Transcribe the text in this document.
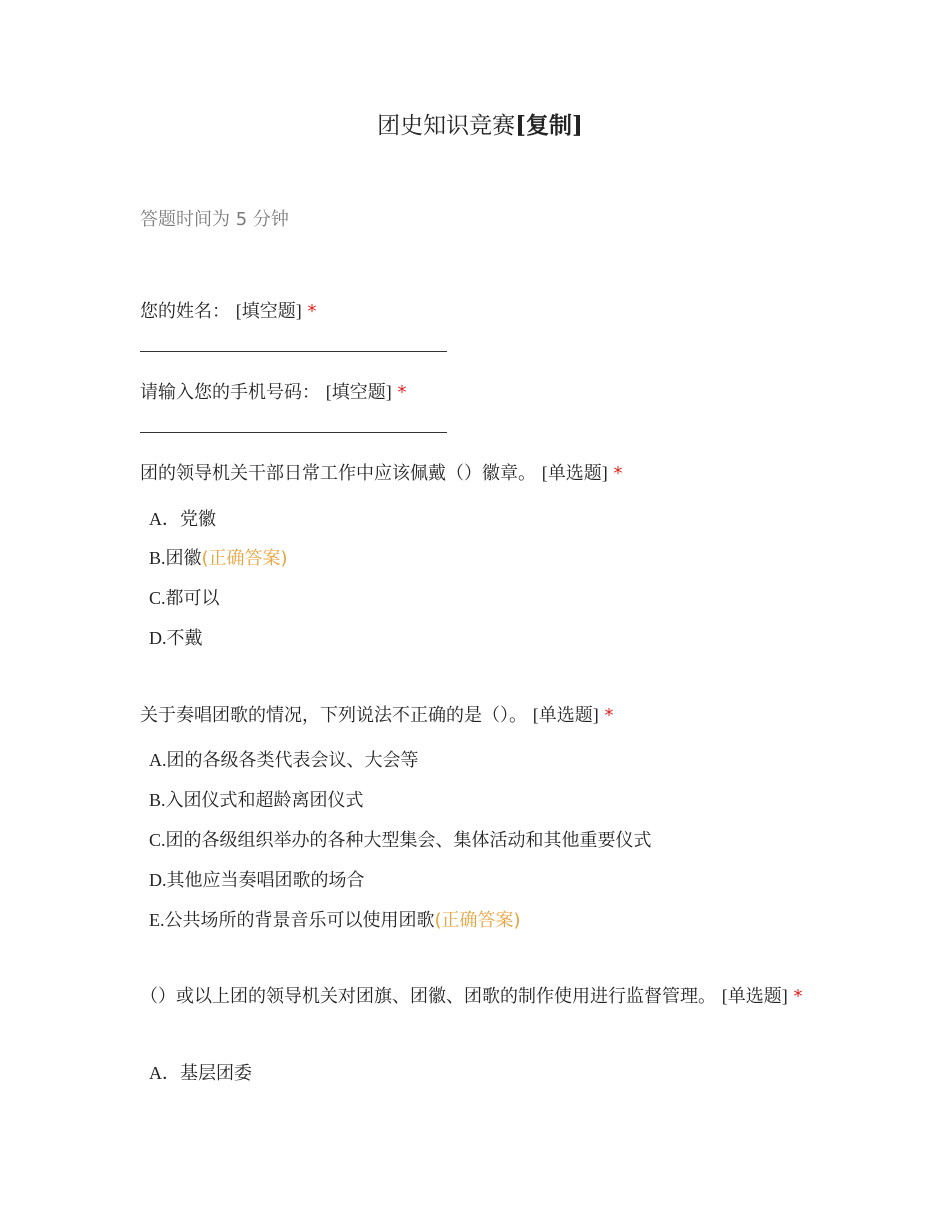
团史知识竞赛[复制]
答题时间为 5 分钟
您的姓名： [填空题] *
请输入您的手机号码： [填空题] *
团的领导机关干部日常工作中应该佩戴（）徽章。 [单选题] *
A．党徽
B.团徽(正确答案)
C.都可以
D.不戴
关于奏唱团歌的情况，下列说法不正确的是（）。 [单选题] *
A.团的各级各类代表会议、大会等
B.入团仪式和超龄离团仪式
C.团的各级组织举办的各种大型集会、集体活动和其他重要仪式
D.其他应当奏唱团歌的场合
E.公共场所的背景音乐可以使用团歌(正确答案)
（）或以上团的领导机关对团旗、团徽、团歌的制作使用进行监督管理。 [单选题] *
A．基层团委
